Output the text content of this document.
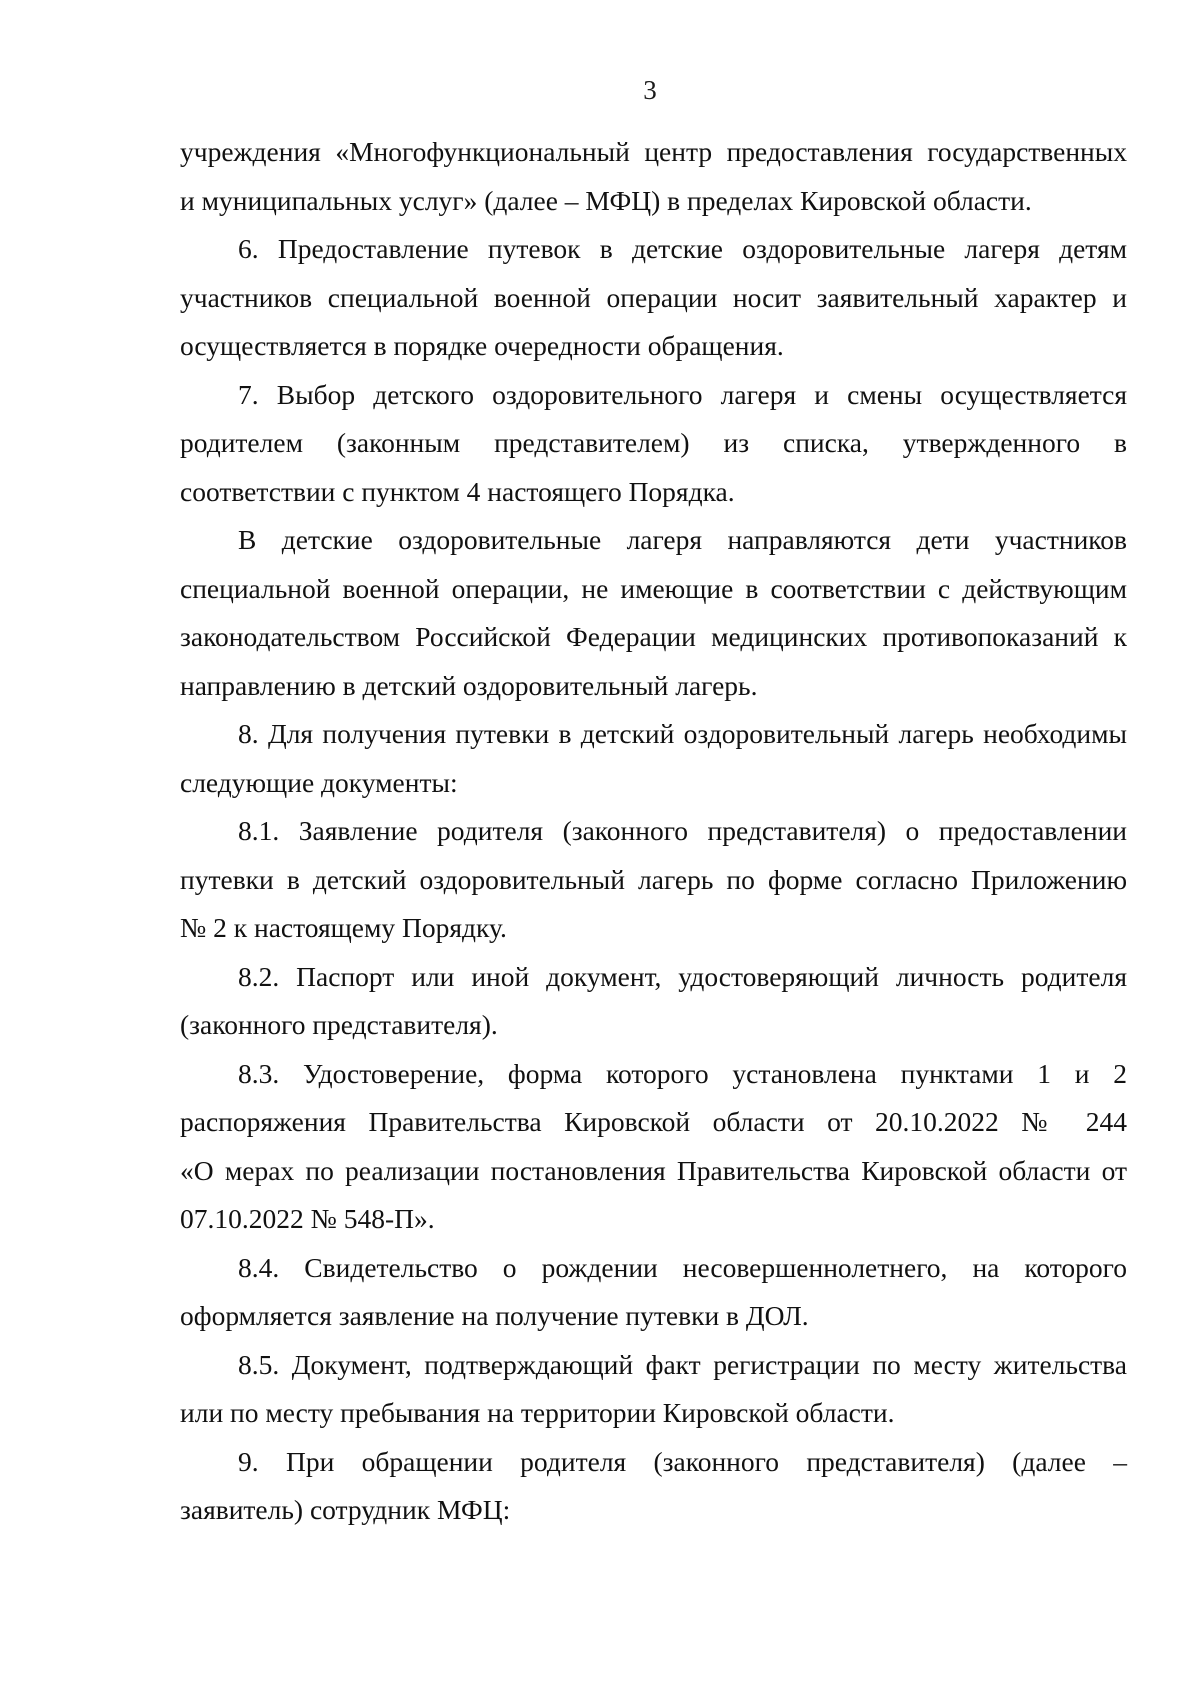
3
учреждения «Многофункциональный центр предоставления государственных
и муниципальных услуг» (далее – МФЦ) в пределах Кировской области.
6. Предоставление путевок в детские оздоровительные лагеря детям
участников специальной военной операции носит заявительный характер и
осуществляется в порядке очередности обращения.
7. Выбор детского оздоровительного лагеря и смены осуществляется
родителем (законным представителем) из списка, утвержденного в
соответствии с пунктом 4 настоящего Порядка.
В детские оздоровительные лагеря направляются дети участников
специальной военной операции, не имеющие в соответствии с действующим
законодательством Российской Федерации медицинских противопоказаний к
направлению в детский оздоровительный лагерь.
8. Для получения путевки в детский оздоровительный лагерь необходимы
следующие документы:
8.1. Заявление родителя (законного представителя) о предоставлении
путевки в детский оздоровительный лагерь по форме согласно Приложению
№ 2 к настоящему Порядку.
8.2. Паспорт или иной документ, удостоверяющий личность родителя
(законного представителя).
8.3. Удостоверение, форма которого установлена пунктами 1 и 2
распоряжения Правительства Кировской области от 20.10.2022 № 244
«О мерах по реализации постановления Правительства Кировской области от
07.10.2022 № 548-П».
8.4. Свидетельство о рождении несовершеннолетнего, на которого
оформляется заявление на получение путевки в ДОЛ.
8.5. Документ, подтверждающий факт регистрации по месту жительства
или по месту пребывания на территории Кировской области.
9. При обращении родителя (законного представителя) (далее –
заявитель) сотрудник МФЦ:
